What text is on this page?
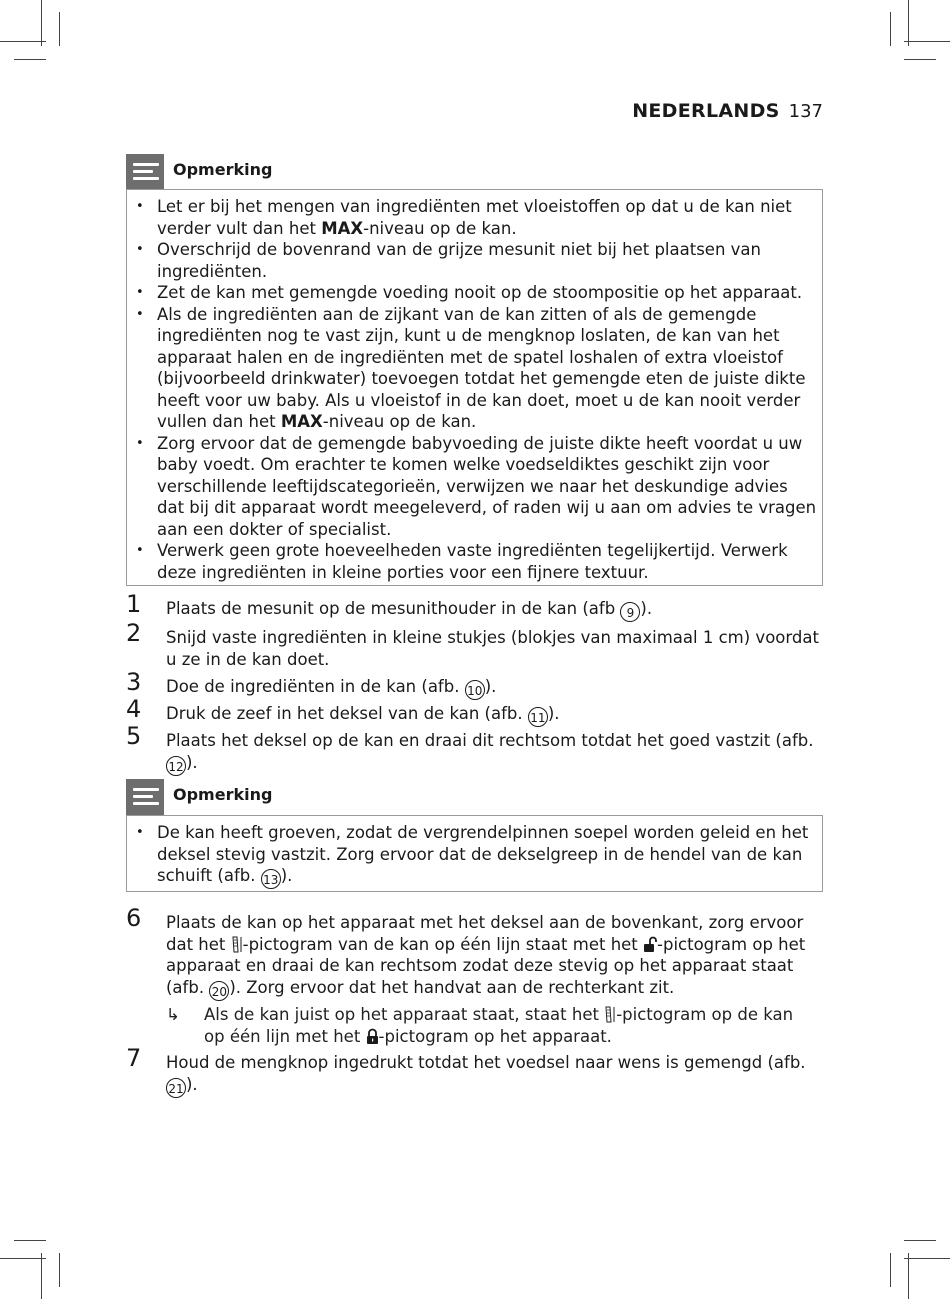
NEDERLANDS 137
Opmerking
• Let er bij het mengen van ingrediënten met vloeistoffen op dat u de kan niet verder vult dan het MAX-niveau op de kan.
• Overschrijd de bovenrand van de grijze mesunit niet bij het plaatsen van ingrediënten.
• Zet de kan met gemengde voeding nooit op de stoompositie op het apparaat.
• Als de ingrediënten aan de zijkant van de kan zitten of als de gemengde ingrediënten nog te vast zijn, kunt u de mengknop loslaten, de kan van het apparaat halen en de ingrediënten met de spatel loshalen of extra vloeistof (bijvoorbeeld drinkwater) toevoegen totdat het gemengde eten de juiste dikte heeft voor uw baby. Als u vloeistof in de kan doet, moet u de kan nooit verder vullen dan het MAX-niveau op de kan.
• Zorg ervoor dat de gemengde babyvoeding de juiste dikte heeft voordat u uw baby voedt. Om erachter te komen welke voedseldiktes geschikt zijn voor verschillende leeftijdscategorieën, verwijzen we naar het deskundige advies dat bij dit apparaat wordt meegeleverd, of raden wij u aan om advies te vragen aan een dokter of specialist.
• Verwerk geen grote hoeveelheden vaste ingrediënten tegelijkertijd. Verwerk deze ingrediënten in kleine porties voor een fijnere textuur.
1	Plaats de mesunit op de mesunithouder in de kan (afb 9 ).
2	Snijd vaste ingrediënten in kleine stukjes (blokjes van maximaal 1 cm) voordat u ze in de kan doet.
3	Doe de ingrediënten in de kan (afb. 10 ).
4	Druk de zeef in het deksel van de kan (afb. 11 ).
5	Plaats het deksel op de kan en draai dit rechtsom totdat het goed vastzit (afb. 12 ).
Opmerking
• De kan heeft groeven, zodat de vergrendelpinnen soepel worden geleid en het deksel stevig vastzit. Zorg ervoor dat de dekselgreep in de hendel van de kan schuift (afb. 13 ).
6	Plaats de kan op het apparaat met het deksel aan de bovenkant, zorg ervoor dat het -pictogram van de kan op één lijn staat met het -pictogram op het apparaat en draai de kan rechtsom zodat deze stevig op het apparaat staat (afb. 20 ). Zorg ervoor dat het handvat aan de rechterkant zit.
↳ Als de kan juist op het apparaat staat, staat het -pictogram op de kan op één lijn met het -pictogram op het apparaat.
7	Houd de mengknop ingedrukt totdat het voedsel naar wens is gemengd (afb. 21 ).
